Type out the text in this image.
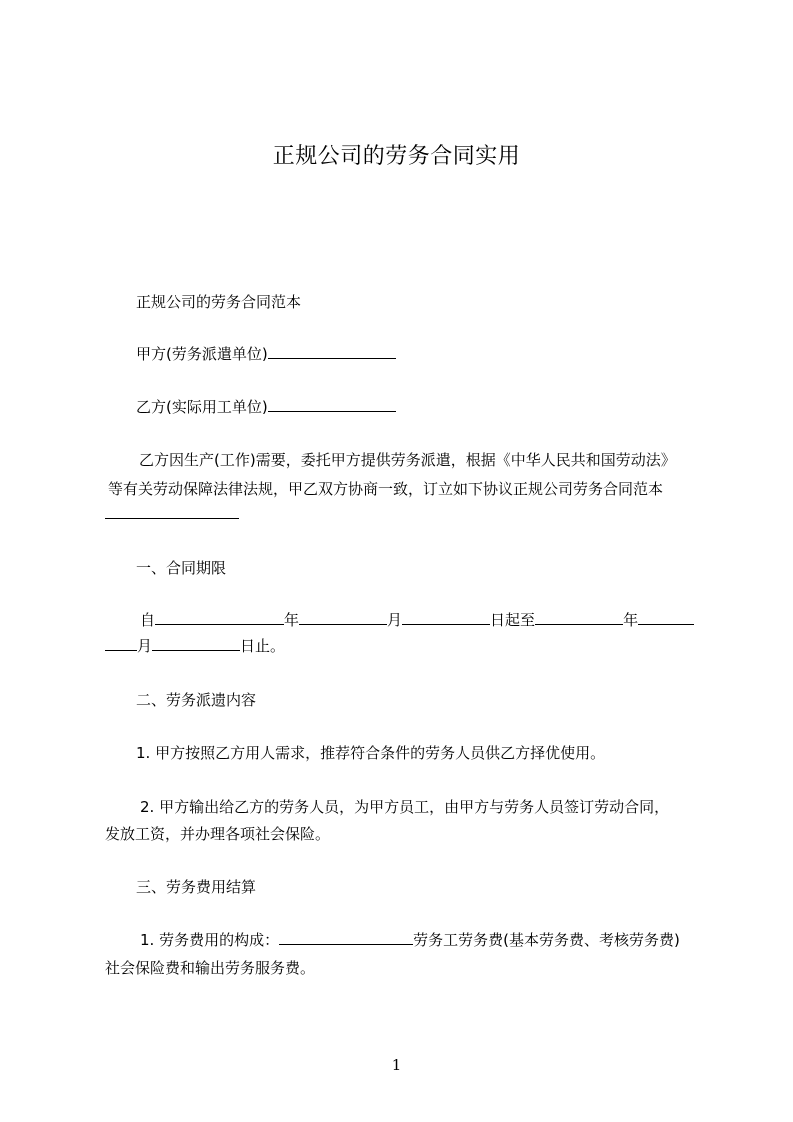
正规公司的劳务合同实用
正规公司的劳务合同范本
甲方(劳务派遣单位)
乙方(实际用工单位)
乙方因生产(工作)需要，委托甲方提供劳务派遣，根据《中华人民共和国劳动法》
等有关劳动保障法律法规，甲乙双方协商一致，订立如下协议正规公司劳务合同范本
一、合同期限
自	年	月	日起至	年
月	日止。
二、劳务派遗内容
1. 甲方按照乙方用人需求，推荐符合条件的劳务人员供乙方择优使用。
2. 甲方输出给乙方的劳务人员，为甲方员工，由甲方与劳务人员签订劳动合同，
发放工资，并办理各项社会保险。
三、劳务费用结算
1. 劳务费用的构成：	劳务工劳务费(基本劳务费、考核劳务费)
社会保险费和输出劳务服务费。
1
